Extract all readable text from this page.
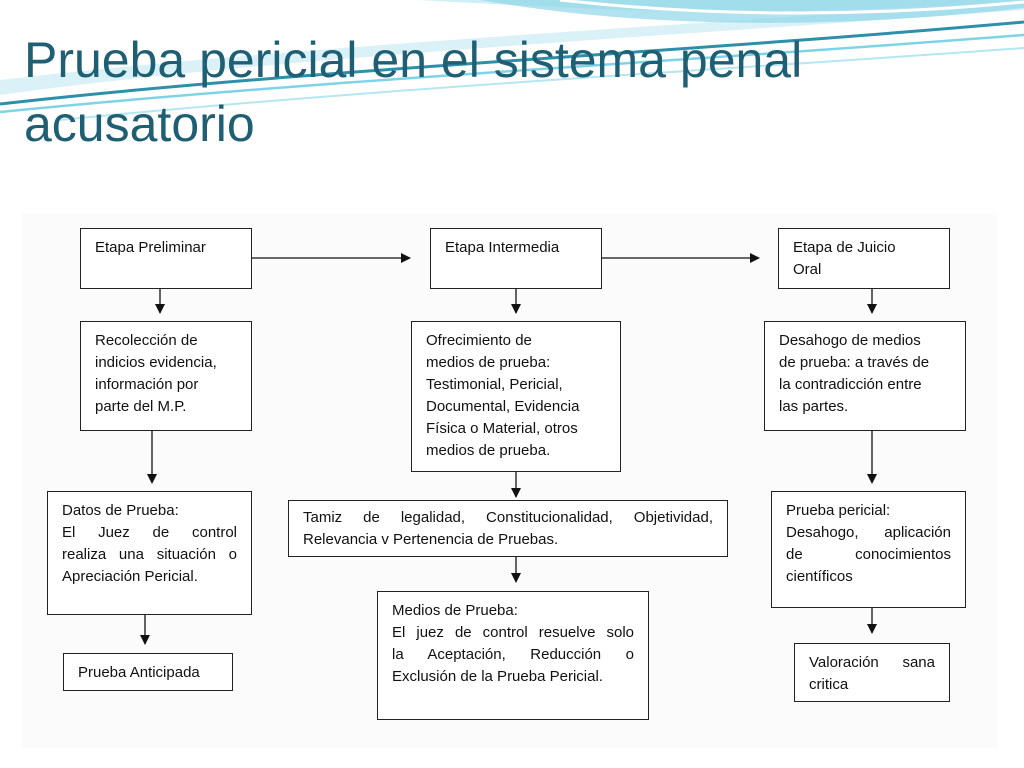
Prueba pericial en el sistema penal acusatorio
Etapa Preliminar
Recolección de
indicios evidencia,
información por
parte del M.P.
Datos de Prueba:
El Juez de control
realiza una situación o
Apreciación Pericial.
Prueba Anticipada
Etapa Intermedia
Ofrecimiento de
medios de prueba:
Testimonial, Pericial,
Documental, Evidencia
Física o Material, otros
medios de prueba.
Tamiz de legalidad, Constitucionalidad, Objetividad,
Relevancia v Pertenencia de Pruebas.
Medios de Prueba:
El juez de control resuelve solo
la Aceptación, Reducción o
Exclusión de la Prueba Pericial.
Etapa de Juicio
Oral
Desahogo de medios
de prueba: a través de
la contradicción entre
las partes.
Prueba pericial:
Desahogo, aplicación
de conocimientos
científicos
Valoración sana
critica
